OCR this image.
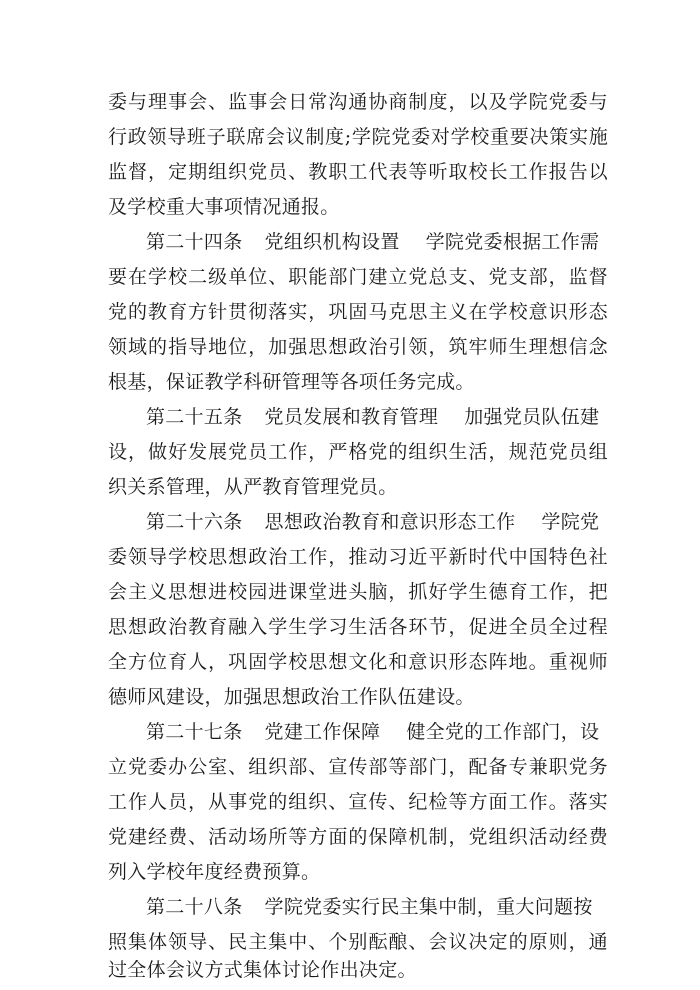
委与理事会、监事会日常沟通协商制度，以及学院党委与
行政领导班子联席会议制度;学院党委对学校重要决策实施
监督，定期组织党员、教职工代表等听取校长工作报告以
及学校重大事项情况通报。
第二十四条 党组织机构设置 学院党委根据工作需
要在学校二级单位、职能部门建立党总支、党支部，监督
党的教育方针贯彻落实，巩固马克思主义在学校意识形态
领域的指导地位，加强思想政治引领，筑牢师生理想信念
根基，保证教学科研管理等各项任务完成。
第二十五条 党员发展和教育管理 加强党员队伍建
设，做好发展党员工作，严格党的组织生活，规范党员组
织关系管理，从严教育管理党员。
第二十六条 思想政治教育和意识形态工作 学院党
委领导学校思想政治工作，推动习近平新时代中国特色社
会主义思想进校园进课堂进头脑，抓好学生德育工作，把
思想政治教育融入学生学习生活各环节，促进全员全过程
全方位育人，巩固学校思想文化和意识形态阵地。重视师
德师风建设，加强思想政治工作队伍建设。
第二十七条 党建工作保障 健全党的工作部门，设
立党委办公室、组织部、宣传部等部门，配备专兼职党务
工作人员，从事党的组织、宣传、纪检等方面工作。落实
党建经费、活动场所等方面的保障机制，党组织活动经费
列入学校年度经费预算。
第二十八条 学院党委实行民主集中制，重大问题按
照集体领导、民主集中、个别酝酿、会议决定的原则，通
过全体会议方式集体讨论作出决定。
